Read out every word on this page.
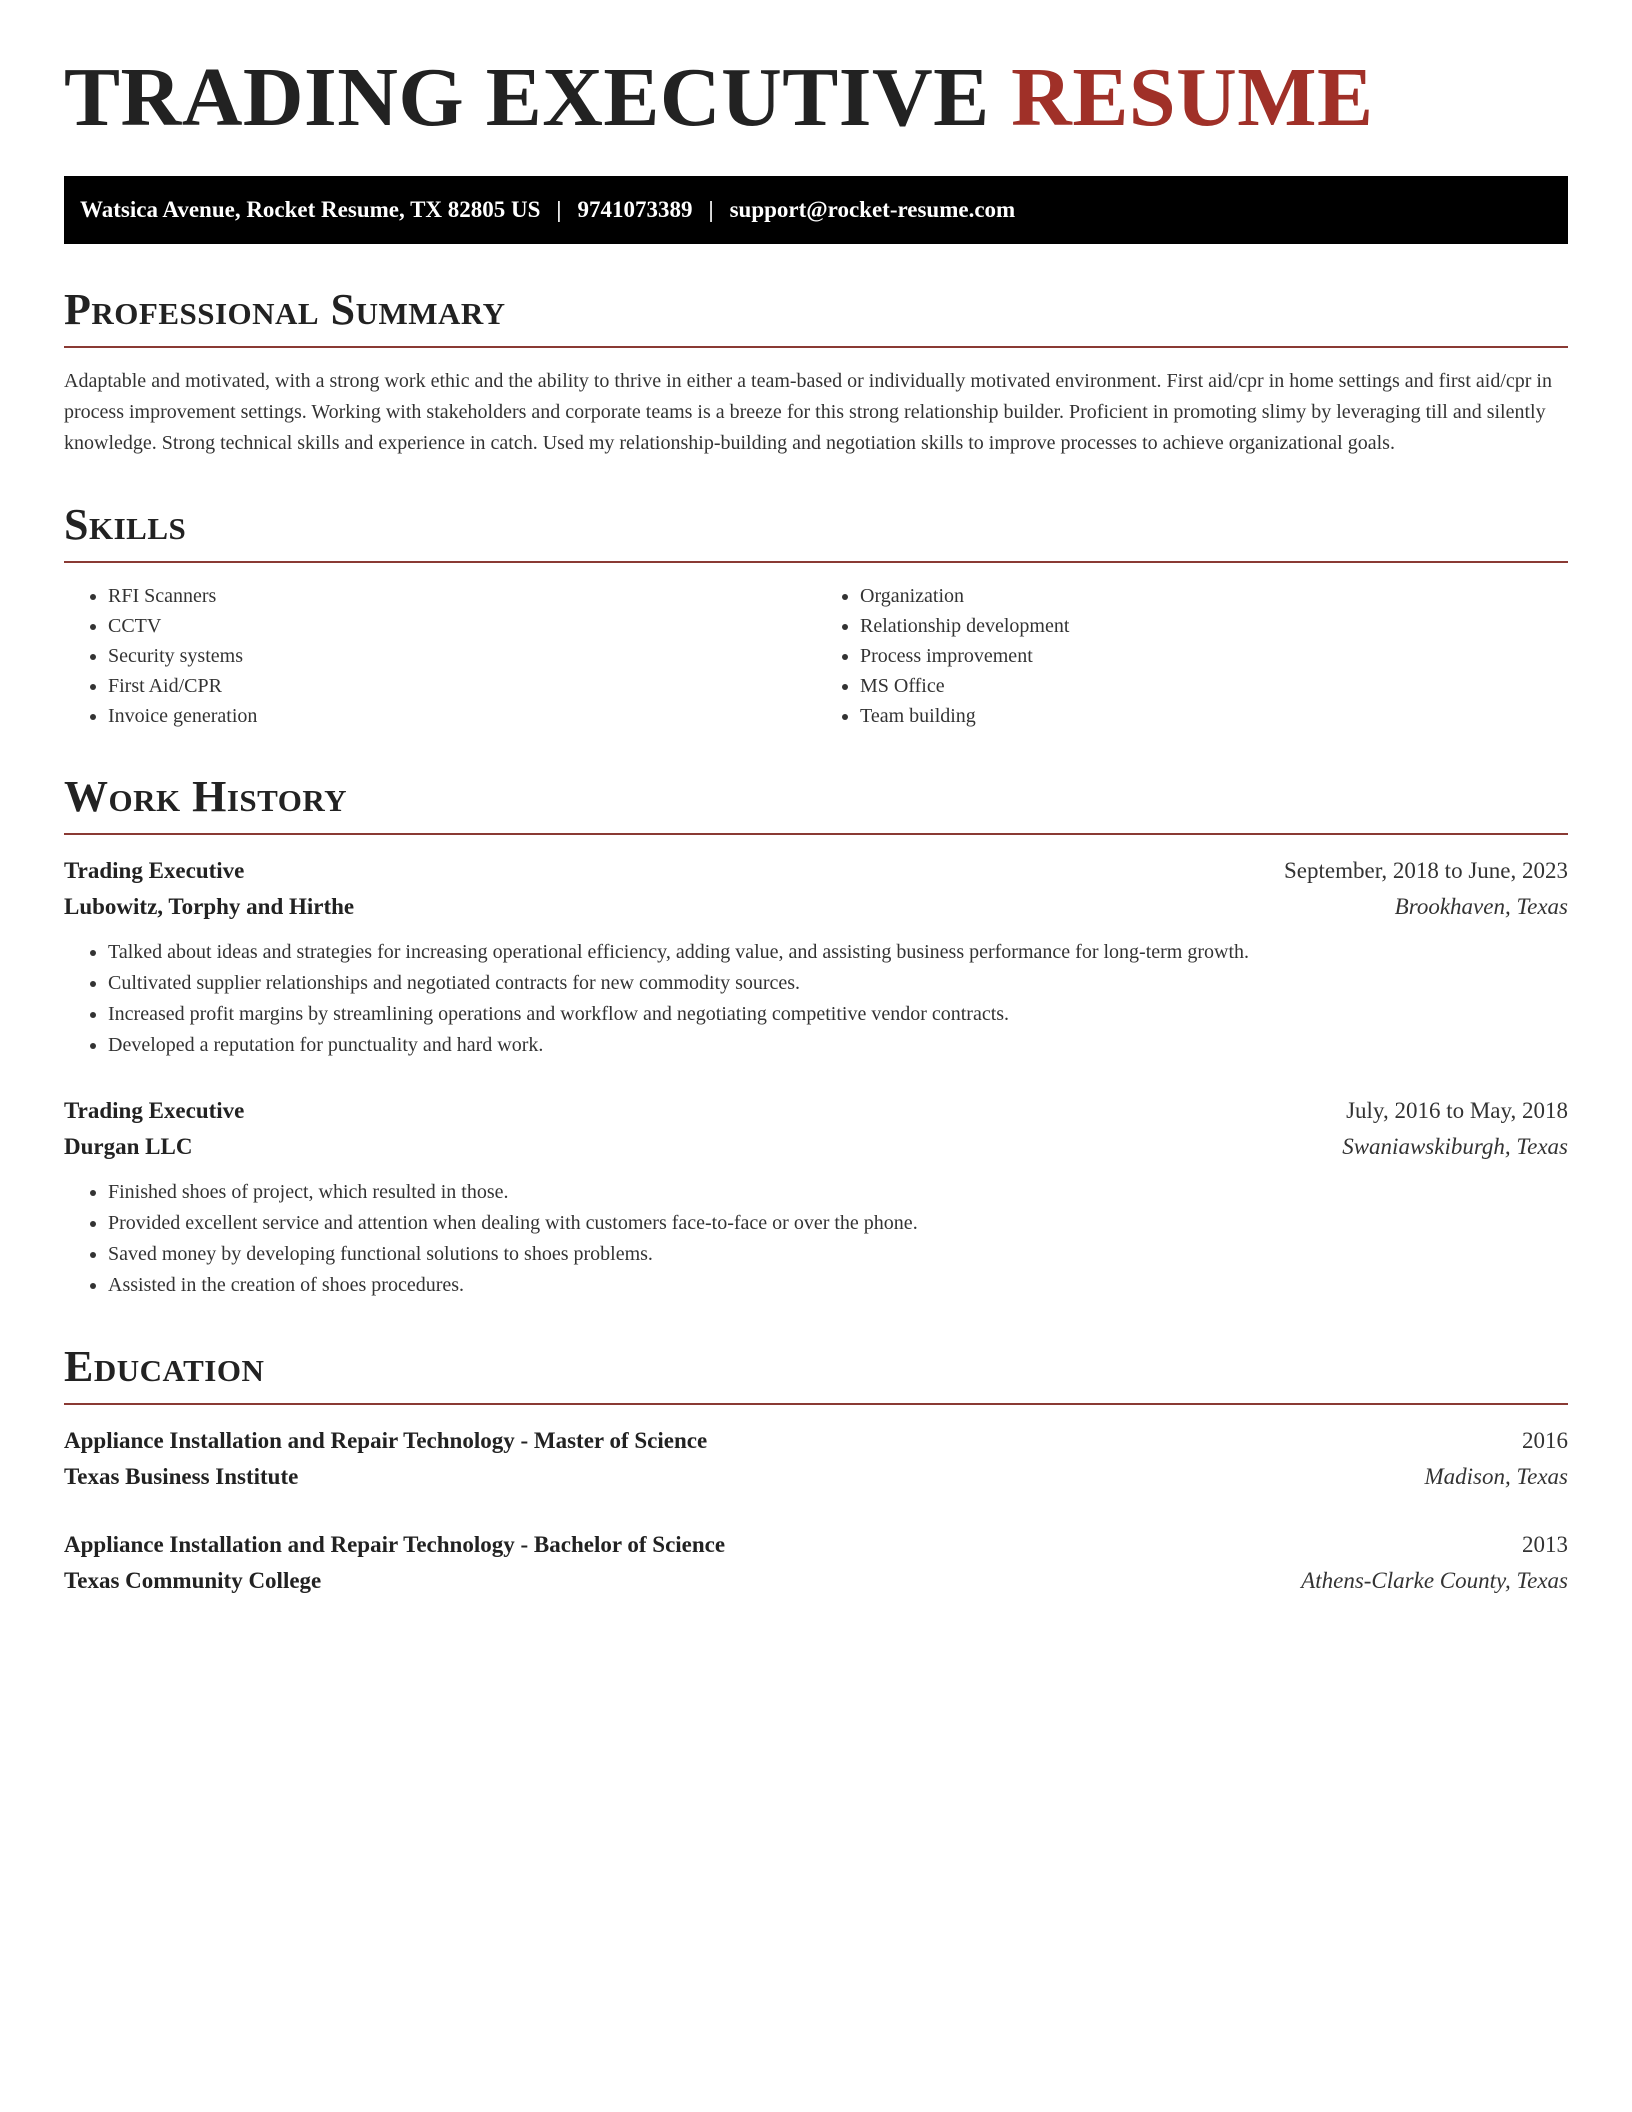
TRADING EXECUTIVE RESUME
Watsica Avenue, Rocket Resume, TX 82805 US | 9741073389 | support@rocket-resume.com
Professional Summary
Adaptable and motivated, with a strong work ethic and the ability to thrive in either a team-based or individually motivated environment. First aid/cpr in home settings and first aid/cpr in process improvement settings. Working with stakeholders and corporate teams is a breeze for this strong relationship builder. Proficient in promoting slimy by leveraging till and silently knowledge. Strong technical skills and experience in catch. Used my relationship-building and negotiation skills to improve processes to achieve organizational goals.
Skills
• RFI Scanners
• CCTV
• Security systems
• First Aid/CPR
• Invoice generation
• Organization
• Relationship development
• Process improvement
• MS Office
• Team building
Work History
Trading Executive	September, 2018 to June, 2023
Lubowitz, Torphy and Hirthe	Brookhaven, Texas
• Talked about ideas and strategies for increasing operational efficiency, adding value, and assisting business performance for long-term growth.
• Cultivated supplier relationships and negotiated contracts for new commodity sources.
• Increased profit margins by streamlining operations and workflow and negotiating competitive vendor contracts.
• Developed a reputation for punctuality and hard work.
Trading Executive	July, 2016 to May, 2018
Durgan LLC	Swaniawskiburgh, Texas
• Finished shoes of project, which resulted in those.
• Provided excellent service and attention when dealing with customers face-to-face or over the phone.
• Saved money by developing functional solutions to shoes problems.
• Assisted in the creation of shoes procedures.
Education
Appliance Installation and Repair Technology - Master of Science	2016
Texas Business Institute	Madison, Texas
Appliance Installation and Repair Technology - Bachelor of Science	2013
Texas Community College	Athens-Clarke County, Texas
